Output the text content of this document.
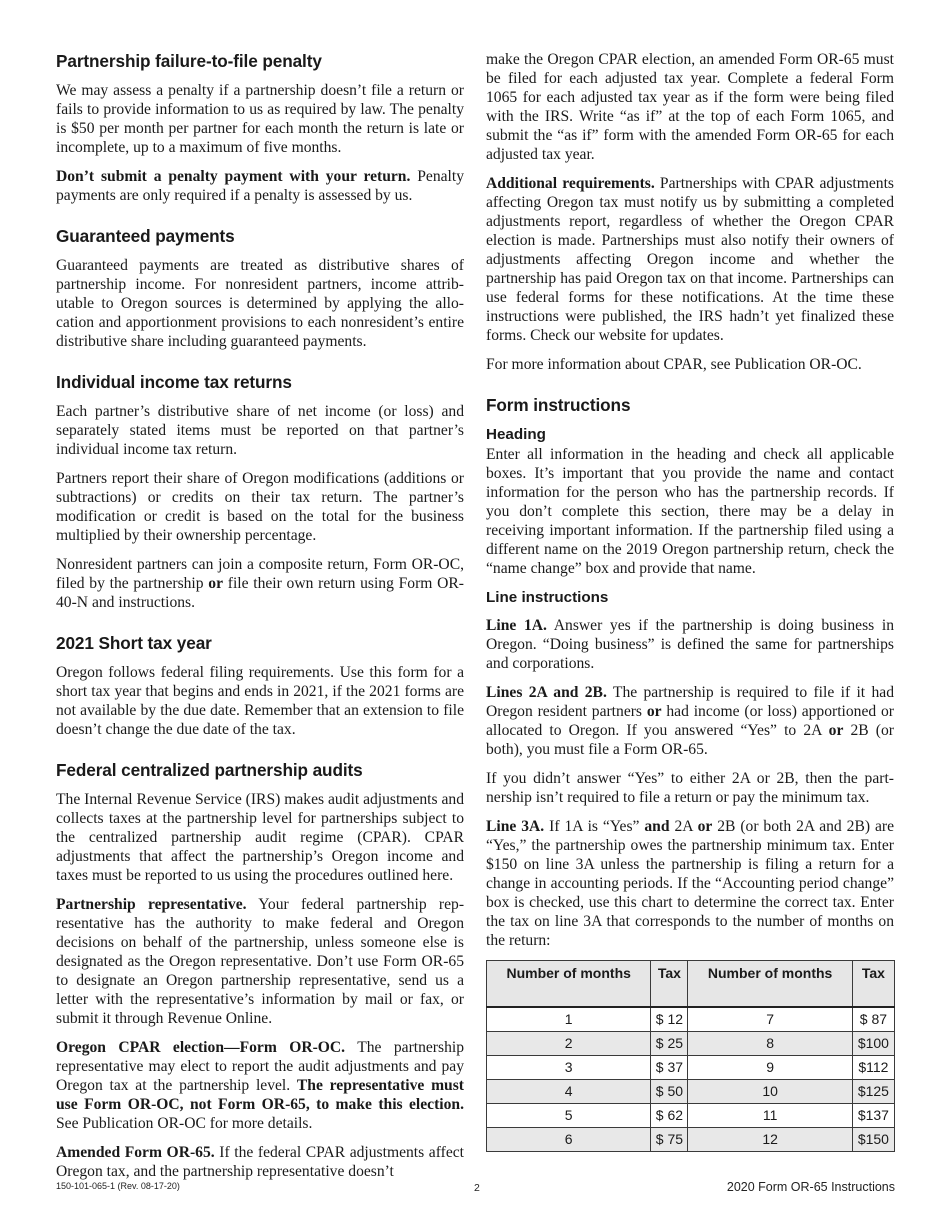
Partnership failure-to-file penalty

We may assess a penalty if a partnership doesn’t file a return or fails to provide information to us as required by law. The penalty is $50 per month per partner for each month the return is late or incomplete, up to a maximum of five months.

Don’t submit a penalty payment with your return. Penalty payments are only required if a penalty is assessed by us.

Guaranteed payments

Guaranteed payments are treated as distributive shares of partnership income. For nonresident partners, income attributable to Oregon sources is determined by applying the allocation and apportionment provisions to each nonresident’s entire distributive share including guaranteed payments.

Individual income tax returns

Each partner’s distributive share of net income (or loss) and separately stated items must be reported on that partner’s individual income tax return.

Partners report their share of Oregon modifications (additions or subtractions) or credits on their tax return. The partner’s modification or credit is based on the total for the business multiplied by their ownership percentage.

Nonresident partners can join a composite return, Form OR-OC, filed by the partnership or file their own return using Form OR-40-N and instructions.

2021 Short tax year

Oregon follows federal filing requirements. Use this form for a short tax year that begins and ends in 2021, if the 2021 forms are not available by the due date. Remember that an extension to file doesn’t change the due date of the tax.

Federal centralized partnership audits

The Internal Revenue Service (IRS) makes audit adjustments and collects taxes at the partnership level for partnerships subject to the centralized partnership audit regime (CPAR). CPAR adjustments that affect the partnership’s Oregon income and taxes must be reported to us using the procedures outlined here.

Partnership representative. Your federal partnership representative has the authority to make federal and Oregon decisions on behalf of the partnership, unless someone else is designated as the Oregon representative. Don’t use Form OR-65 to designate an Oregon partnership representative, send us a letter with the representative’s information by mail or fax, or submit it through Revenue Online.

Oregon CPAR election—Form OR-OC. The partnership representative may elect to report the audit adjustments and pay Oregon tax at the partnership level. The representative must use Form OR-OC, not Form OR-65, to make this election. See Publication OR-OC for more details.

Amended Form OR-65. If the federal CPAR adjustments affect Oregon tax, and the partnership representative doesn’t

make the Oregon CPAR election, an amended Form OR-65 must be filed for each adjusted tax year. Complete a federal Form 1065 for each adjusted tax year as if the form were being filed with the IRS. Write “as if” at the top of each Form 1065, and submit the “as if” form with the amended Form OR-65 for each adjusted tax year.

Additional requirements. Partnerships with CPAR adjustments affecting Oregon tax must notify us by submitting a completed adjustments report, regardless of whether the Oregon CPAR election is made. Partnerships must also notify their owners of adjustments affecting Oregon income and whether the partnership has paid Oregon tax on that income. Partnerships can use federal forms for these notifications. At the time these instructions were published, the IRS hadn’t yet finalized these forms. Check our website for updates.

For more information about CPAR, see Publication OR-OC.

Form instructions
Heading

Enter all information in the heading and check all applicable boxes. It’s important that you provide the name and contact information for the person who has the partnership records. If you don’t complete this section, there may be a delay in receiving important information. If the partnership filed using a different name on the 2019 Oregon partnership return, check the “name change” box and provide that name.

Line instructions

Line 1A. Answer yes if the partnership is doing business in Oregon. “Doing business” is defined the same for partnerships and corporations.

Lines 2A and 2B. The partnership is required to file if it had Oregon resident partners or had income (or loss) apportioned or allocated to Oregon. If you answered “Yes” to 2A or 2B (or both), you must file a Form OR-65.

If you didn’t answer “Yes” to either 2A or 2B, then the partnership isn’t required to file a return or pay the minimum tax.

Line 3A. If 1A is “Yes” and 2A or 2B (or both 2A and 2B) are “Yes,” the partnership owes the partnership minimum tax. Enter $150 on line 3A unless the partnership is filing a return for a change in accounting periods. If the “Accounting period change” box is checked, use this chart to determine the correct tax. Enter the tax on line 3A that corresponds to the number of months on the return:

Number of months	Tax	Number of months	Tax
1	$ 12	7	$ 87
2	$ 25	8	$100
3	$ 37	9	$112
4	$ 50	10	$125
5	$ 62	11	$137
6	$ 75	12	$150
150-101-065-1 (Rev. 08-17-20)	2	2020 Form OR-65 Instructions
